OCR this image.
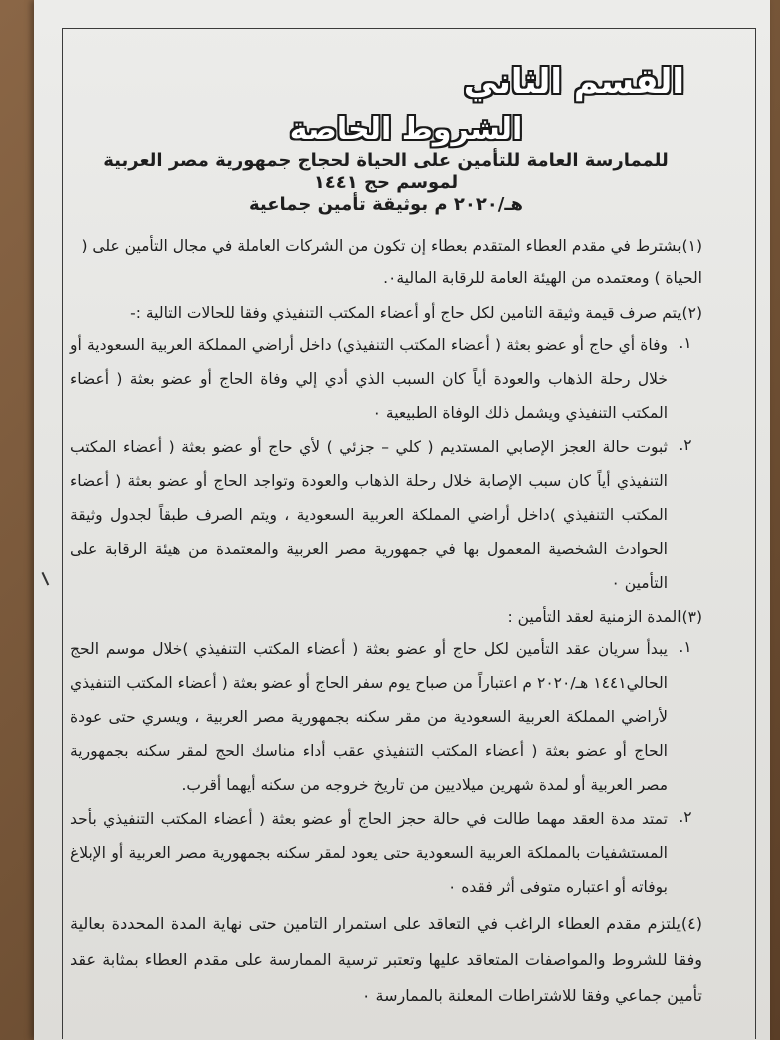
القسم الثاني
الشروط الخاصة
للممارسة العامة للتأمين على الحياة لحجاج جمهورية مصر العربية لموسم حج ١٤٤١
هـ/٢٠٢٠ م بوثيقة تأمين جماعية

(١)بشترط في مقدم العطاء المتقدم بعطاء إن تكون من الشركات العاملة في مجال التأمين على ( الحياة ) ومعتمده من الهيئة العامة للرقابة المالية٠.

(٢)يتم صرف قيمة وثيقة التامين لكل حاج أو أعضاء المكتب التنفيذي وفقا للحالات التالية :-

١.
وفاة أي حاج أو عضو بعثة ( أعضاء المكتب التنفيذي) داخل أراضي المملكة العربية السعودية أو خلال رحلة الذهاب والعودة أياً كان السبب الذي أدي إلي وفاة الحاج أو عضو بعثة ( أعضاء المكتب التنفيذي ويشمل ذلك الوفاة الطبيعية ٠
٢.
ثبوت حالة العجز الإصابي المستديم ( كلي – جزئي ) لأي حاج أو عضو بعثة ( أعضاء المكتب التنفيذي أياً كان سبب الإصابة خلال رحلة الذهاب والعودة وتواجد الحاج أو عضو بعثة ( أعضاء المكتب التنفيذي )داخل أراضي المملكة العربية السعودية ، ويتم الصرف طبقاً لجدول وثيقة الحوادث الشخصية المعمول بها في جمهورية مصر العربية والمعتمدة من هيئة الرقابة على التأمين ٠

(٣)المدة الزمنية لعقد التأمين :

١.
يبدأ سريان عقد التأمين لكل حاج أو عضو بعثة ( أعضاء المكتب التنفيذي )خلال موسم الحج الحالي١٤٤١ هـ/٢٠٢٠ م اعتباراً من صباح يوم سفر الحاج أو عضو بعثة ( أعضاء المكتب التنفيذي لأراضي المملكة العربية السعودية من مقر سكنه بجمهورية مصر العربية ، ويسري حتى عودة الحاج أو عضو بعثة ( أعضاء المكتب التنفيذي عقب أداء مناسك الحج لمقر سكنه بجمهورية مصر العربية أو لمدة شهرين ميلاديين من تاريخ خروجه من سكنه أيهما أقرب.
٢.
تمتد مدة العقد مهما طالت في حالة حجز الحاج أو عضو بعثة ( أعضاء المكتب التنفيذي بأحد المستشفيات بالمملكة العربية السعودية حتى يعود لمقر سكنه بجمهورية مصر العربية أو الإبلاغ بوفاته أو اعتباره متوفى أثر فقده ٠

(٤)يلتزم مقدم العطاء الراغب في التعاقد على استمرار التامين حتى نهاية المدة المحددة بعالية وفقا للشروط والمواصفات المتعاقد عليها وتعتبر ترسية الممارسة على مقدم العطاء بمثابة عقد تأمين جماعي وفقا للاشتراطات المعلنة بالممارسة ٠
